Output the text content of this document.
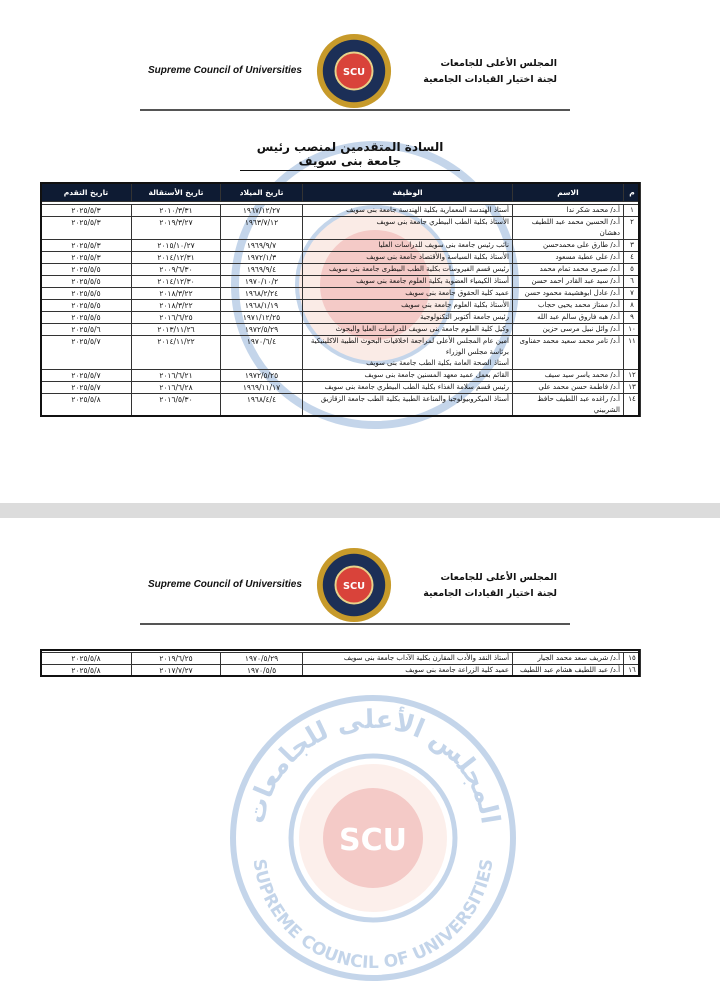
Supreme Council of Universities	SCU
المجلس الأعلى للجامعات
لجنة اختيار القيادات الجامعية
السادة المتقدمين لمنصب رئيس جامعة بنى سويف
م	الاسم	الوظيفة	تاريخ الميلاد	تاريخ الأستقالة	تاريخ التقدم

١	أ.د/ محمد شكر ندا	أستاذ الهندسة المعمارية بكلية الهندسة جامعة بنى سويف	١٩٦٧/١٢/٢٧	٢٠١٠/٣/٣١	٢٠٢٥/٥/٣
٢	أ.د/ الحسين محمد عبد اللطيف دهشان	الأستاذ بكلية الطب البيطري جامعة بنى سويف	١٩٦٣/٧/١٢	٢٠١٩/٣/٢٧	٢٠٢٥/٥/٣
٣	أ.د/ طارق على محمدحسن	نائب رئيس جامعة بنى سويف للدراسات العليا	١٩٦٩/٩/٧	٢٠١٥/١٠/٢٧	٢٠٢٥/٥/٣
٤	أ.د/ على عطية مسعود	الأستاذ بكلية السياسة والأقتصاد جامعة بنى سويف	١٩٧٢/١/٣	٢٠١٤/١٢/٣١	٢٠٢٥/٥/٣
٥	أ.د/ صبرى محمد تمام محمد	رئيس قسم الفيروسات بكلية الطب البيطرى جامعة بنى سويف	١٩٦٩/٩/٤	٢٠٠٩/٦/٣٠	٢٠٢٥/٥/٥
٦	أ.د/ سيد عبد القادر احمد حسن	أستاذ الكيمياء العضوية بكلية العلوم جامعة بنى سويف	١٩٧٠/١٠/٢	٢٠١٤/١٢/٣٠	٢٠٢٥/٥/٥
٧	أ.د/ عادل ابوهشيمة محمود حسن	عميد كلية الحقوق جامعة بنى سويف	١٩٦٨/٢/٢٤	٢٠١٨/٣/٢٢	٢٠٢٥/٥/٥
٨	أ.د/ ممتاز محمد يحيى حجاب	الأستاذ بكلية العلوم جامعة بنى سويف	١٩٦٨/١/١٩	٢٠١٨/٣/٢٢	٢٠٢٥/٥/٥
٩	أ.د/ هبه فاروق سالم عبد الله	رئيس جامعة أكتوبر التكنولوجية	١٩٧١/١٢/٢٥	٢٠١٦/٦/٢٥	٢٠٢٥/٥/٥
١٠	أ.د/ وائل نبيل مرسى حزين	وكيل كلية العلوم جامعة بنى سويف للدراسات العليا والبحوث	١٩٧٢/٥/٢٩	٢٠١٣/١١/٢٦	٢٠٢٥/٥/٦
١١	أ.د/ تامر محمد سعيد محمد حفناوى	امين عام المجلس الأعلى لمراجعة اخلاقيات البحوث الطبية الاكلينيكية برئاسة مجلس الوزراء
أستاذ الصحة العامة بكلية الطب جامعة بنى سويف	١٩٧٠/٦/٤	٢٠١٤/١١/٢٢	٢٠٢٥/٥/٧
١٢	أ.د/ محمد ياسر سيد سيف	القائم بعمل عميد معهد المسنين جامعة بنى سويف	١٩٧٢/٥/٢٥	٢٠١٦/٦/٢١	٢٠٢٥/٥/٧
١٣	أ.د/ فاطمة حسن محمد علي	رئيس قسم سلامة الغذاء بكلية الطب البيطري جامعة بنى سويف	١٩٦٩/١١/١٧	٢٠١٦/٦/٢٨	٢٠٢٥/٥/٧
١٤	أ.د/ راغده عبد اللطيف حافظ الشربيني	أستاذ الميكروبيولوجيا والمناعة الطبية بكلية الطب جامعة الزقازيق	١٩٦٨/٤/٤	٢٠١٦/٥/٣٠	٢٠٢٥/٥/٨
Supreme Council of Universities	SCU
المجلس الأعلى للجامعات
لجنة اختيار القيادات الجامعية
المجلس الأعلى للجامعات
SUPREME COUNCIL OF UNIVERSITIES
SCU

١٥	أ.د/ شريف سعد محمد الجيار	أستاذ النقد والأدب المقارن بكلية الآداب جامعة بنى سويف	١٩٧٠/٥/٢٩	٢٠١٩/٦/٢٥	٢٠٢٥/٥/٨
١٦	أ.د/ عبد اللطيف هشام عبد اللطيف	عميد كلية الزراعة جامعة بنى سويف	١٩٧٠/٥/٥	٢٠١٧/٧/٢٧	٢٠٢٥/٥/٨
